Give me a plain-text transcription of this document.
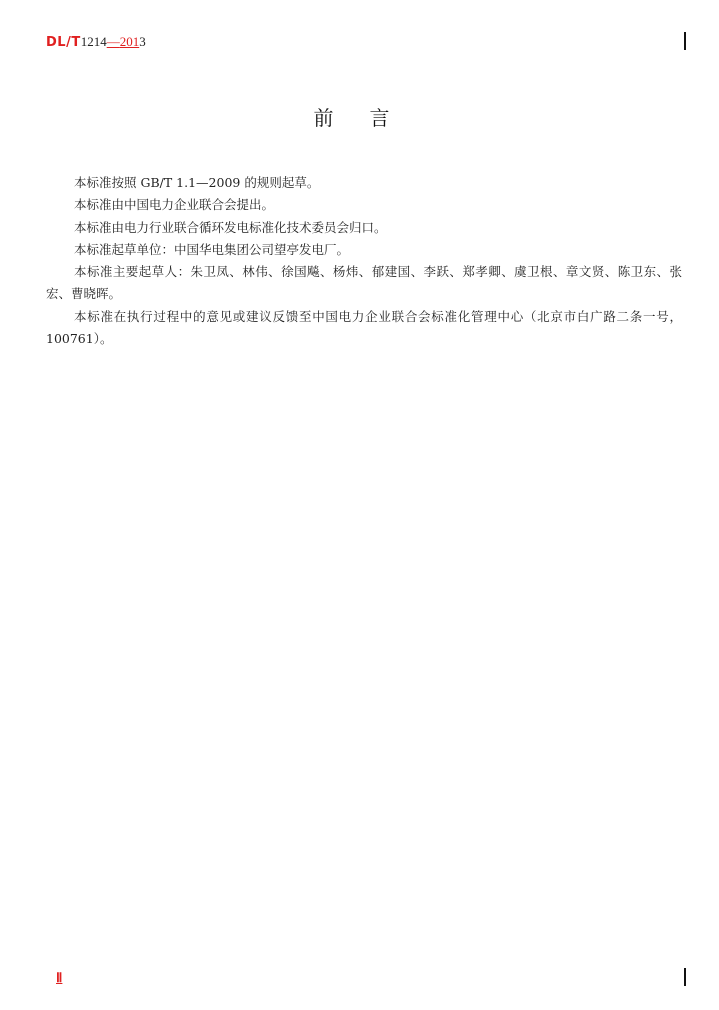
DL/T1214—2013
前言

本标准按照 GB/T 1.1—2009 的规则起草。

本标准由中国电力企业联合会提出。

本标准由电力行业联合循环发电标准化技术委员会归口。

本标准起草单位：中国华电集团公司望亭发电厂。

本标准主要起草人：朱卫凤、林伟、徐国飚、杨炜、郁建国、李跃、郑孝卿、虞卫根、章文贤、陈卫东、张宏、曹晓晖。

本标准在执行过程中的意见或建议反馈至中国电力企业联合会标准化管理中心（北京市白广路二条一号，100761）。

Ⅱ
